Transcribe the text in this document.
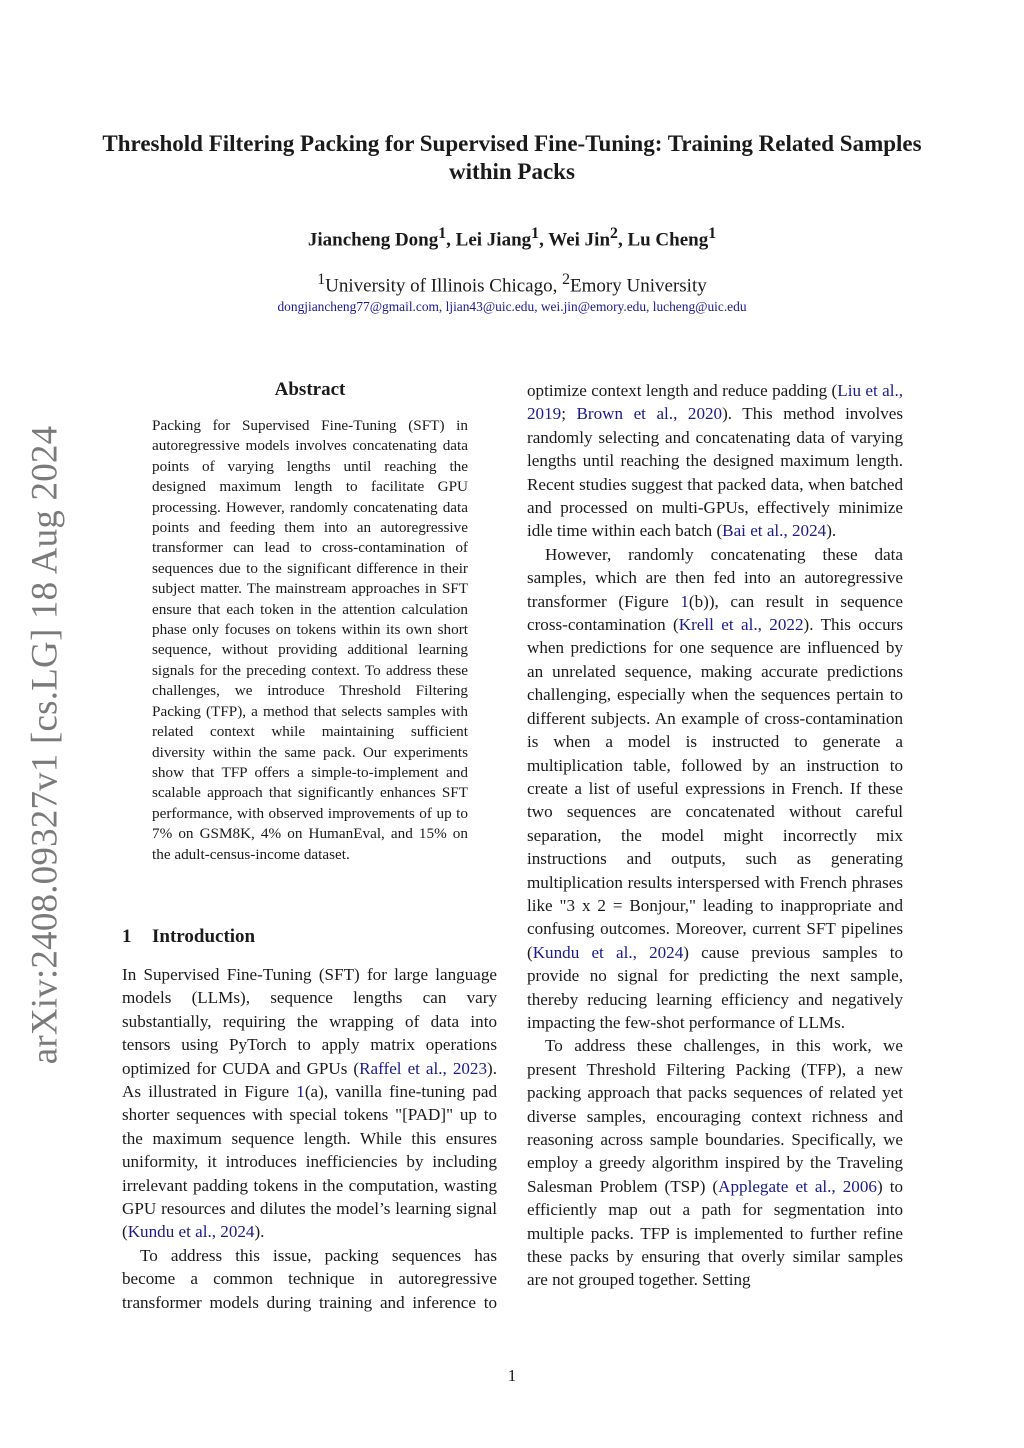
Threshold Filtering Packing for Supervised Fine-Tuning: Training Related Samples within Packs
Jiancheng Dong$^1$, Lei Jiang$^1$, Wei Jin$^2$, Lu Cheng$^1$
$^1$University of Illinois Chicago, $^2$Emory University
dongjiancheng77@gmail.com, ljian43@uic.edu, wei.jin@emory.edu, lucheng@uic.edu
arXiv:2408.09327v1 [cs.LG] 18 Aug 2024
Abstract
Packing for Supervised Fine-Tuning (SFT) in autoregressive models involves concatenating data points of varying lengths until reaching the designed maximum length to facilitate GPU processing. However, randomly concatenating data points and feeding them into an autoregressive transformer can lead to cross-contamination of sequences due to the significant difference in their subject matter. The mainstream approaches in SFT ensure that each token in the attention calculation phase only focuses on tokens within its own short sequence, without providing additional learning signals for the preceding context. To address these challenges, we introduce Threshold Filtering Packing (TFP), a method that selects samples with related context while maintaining sufficient diversity within the same pack. Our experiments show that TFP offers a simple-to-implement and scalable approach that significantly enhances SFT performance, with observed improvements of up to 7% on GSM8K, 4% on HumanEval, and 15% on the adult-census-income dataset.
1 Introduction

In Supervised Fine-Tuning (SFT) for large language models (LLMs), sequence lengths can vary substantially, requiring the wrapping of data into tensors using PyTorch to apply matrix operations optimized for CUDA and GPUs (Raffel et al., 2023). As illustrated in Figure 1(a), vanilla fine-tuning pad shorter sequences with special tokens "[PAD]" up to the maximum sequence length. While this ensures uniformity, it introduces inefficiencies by including irrelevant padding tokens in the computation, wasting GPU resources and dilutes the model’s learning signal (Kundu et al., 2024).

To address this issue, packing sequences has become a common technique in autoregressive transformer models during training and inference to

optimize context length and reduce padding (Liu et al., 2019; Brown et al., 2020). This method involves randomly selecting and concatenating data of varying lengths until reaching the designed maximum length. Recent studies suggest that packed data, when batched and processed on multi-GPUs, effectively minimize idle time within each batch (Bai et al., 2024).

However, randomly concatenating these data samples, which are then fed into an autoregressive transformer (Figure 1(b)), can result in sequence cross-contamination (Krell et al., 2022). This occurs when predictions for one sequence are influenced by an unrelated sequence, making accurate predictions challenging, especially when the sequences pertain to different subjects. An example of cross-contamination is when a model is instructed to generate a multiplication table, followed by an instruction to create a list of useful expressions in French. If these two sequences are concatenated without careful separation, the model might incorrectly mix instructions and outputs, such as generating multiplication results interspersed with French phrases like "3 x 2 = Bonjour," leading to inappropriate and confusing outcomes. Moreover, current SFT pipelines (Kundu et al., 2024) cause previous samples to provide no signal for predicting the next sample, thereby reducing learning efficiency and negatively impacting the few-shot performance of LLMs.

To address these challenges, in this work, we present Threshold Filtering Packing (TFP), a new packing approach that packs sequences of related yet diverse samples, encouraging context richness and reasoning across sample boundaries. Specifically, we employ a greedy algorithm inspired by the Traveling Salesman Problem (TSP) (Applegate et al., 2006) to efficiently map out a path for segmentation into multiple packs. TFP is implemented to further refine these packs by ensuring that overly similar samples are not grouped together. Setting

1
